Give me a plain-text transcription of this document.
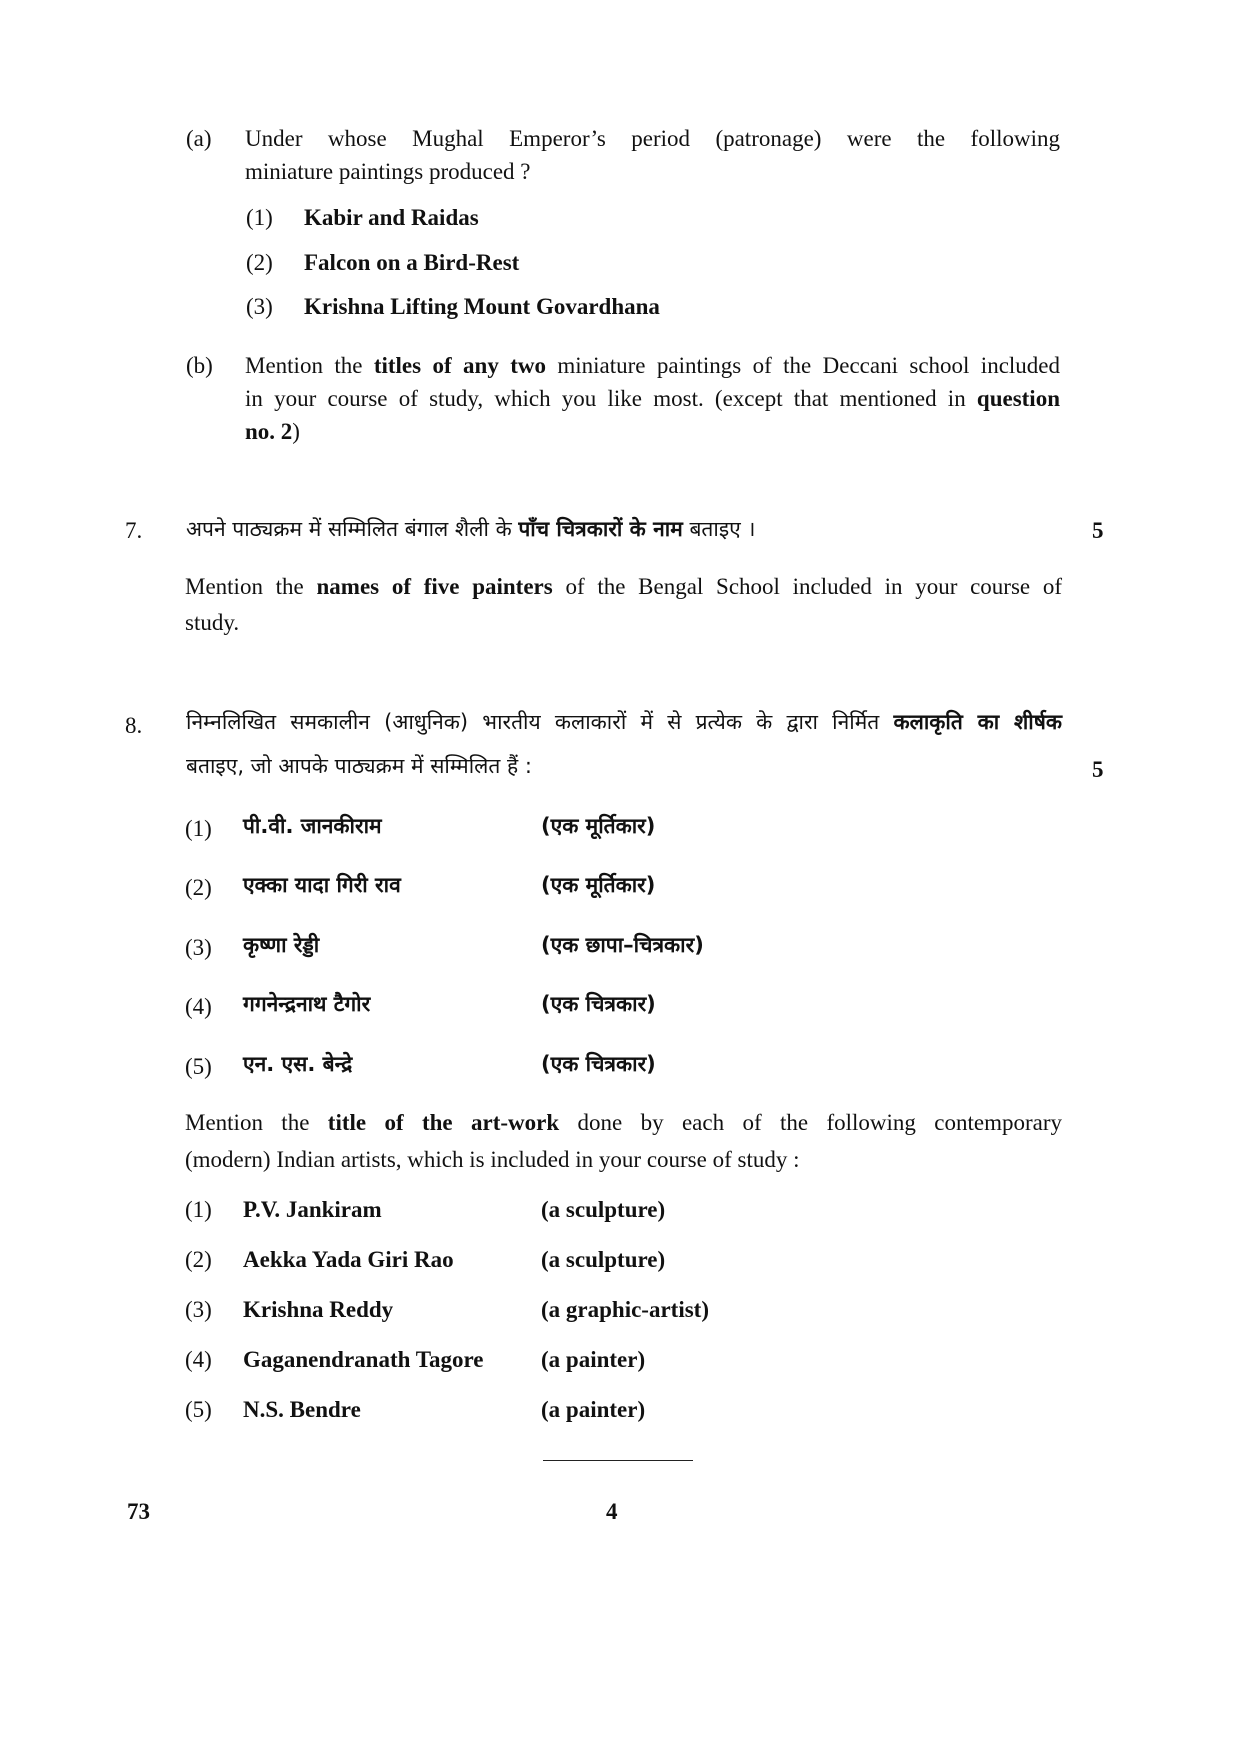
(a) Under whose Mughal Emperor’s period (patronage) were the following
miniature paintings produced ?
(1) Kabir and Raidas
(2) Falcon on a Bird-Rest
(3) Krishna Lifting Mount Govardhana
(b) Mention the titles of any two miniature paintings of the Deccani school included
in your course of study, which you like most. (except that mentioned in question
no. 2)
7. अपने पाठ्यक्रम में सम्मिलित बंगाल शैली के पाँच चित्रकारों के नाम बताइए ।	5
Mention the names of five painters of the Bengal School included in your course of
study.
8. निम्नलिखित समकालीन (आधुनिक) भारतीय कलाकारों में से प्रत्येक के द्वारा निर्मित कलाकृति का शीर्षक
बताइए, जो आपके पाठ्यक्रम में सम्मिलित हैं :	5
(1) पी.वी. जानकीराम	(एक मूर्तिकार)
(2) एक्का यादा गिरी राव	(एक मूर्तिकार)
(3) कृष्णा रेड्डी	(एक छापा–चित्रकार)
(4) गगनेन्द्रनाथ टैगोर	(एक चित्रकार)
(5) एन. एस. बेन्द्रे	(एक चित्रकार)
Mention the title of the art-work done by each of the following contemporary
(modern) Indian artists, which is included in your course of study :
(1) P.V. Jankiram	(a sculpture)
(2) Aekka Yada Giri Rao	(a sculpture)
(3) Krishna Reddy	(a graphic-artist)
(4) Gaganendranath Tagore	(a painter)
(5) N.S. Bendre	(a painter)
73	4
